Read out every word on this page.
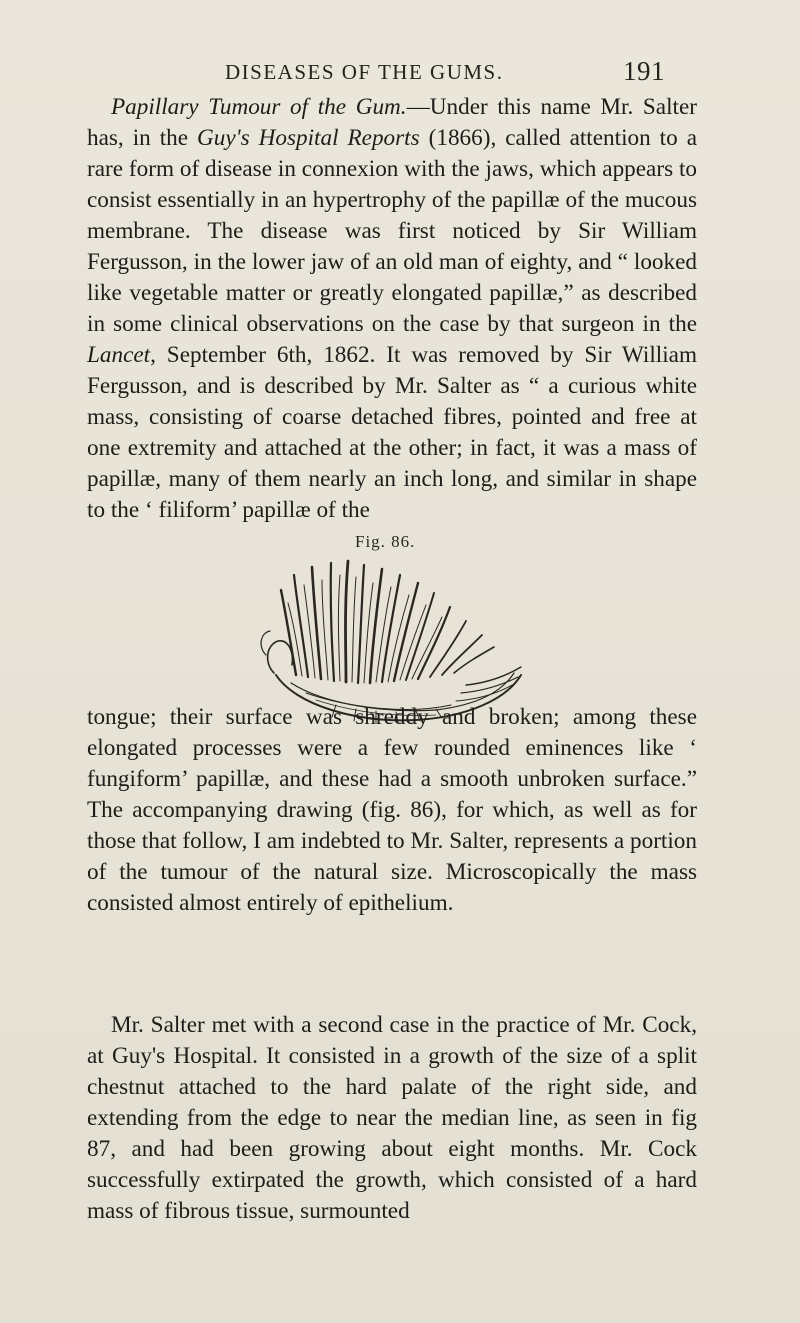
DISEASES OF THE GUMS.	191

Papillary Tumour of the Gum.—Under this name Mr. Salter has, in the Guy's Hospital Reports (1866), called attention to a rare form of disease in connexion with the jaws, which appears to consist essentially in an hypertrophy of the papillæ of the mucous membrane. The disease was first noticed by Sir William Fergusson, in the lower jaw of an old man of eighty, and “ looked like vegetable matter or greatly elongated papillæ,” as described in some clinical observations on the case by that surgeon in the Lancet, September 6th, 1862. It was removed by Sir William Fergusson, and is described by Mr. Salter as “ a curious white mass, consisting of coarse detached fibres, pointed and free at one extremity and attached at the other; in fact, it was a mass of papillæ, many of them nearly an inch long, and similar in shape to the ‘ filiform’ papillæ of the

Fig. 86.

tongue; their surface was shreddy and broken; among these elongated processes were a few rounded eminences like ‘ fungiform’ papillæ, and these had a smooth unbroken surface.” The accompanying drawing (fig. 86), for which, as well as for those that follow, I am indebted to Mr. Salter, represents a portion of the tumour of the natural size. Microscopically the mass consisted almost entirely of epithelium.

Mr. Salter met with a second case in the practice of Mr. Cock, at Guy's Hospital. It consisted in a growth of the size of a split chestnut attached to the hard palate of the right side, and extending from the edge to near the median line, as seen in fig 87, and had been growing about eight months. Mr. Cock successfully extirpated the growth, which consisted of a hard mass of fibrous tissue, surmounted
